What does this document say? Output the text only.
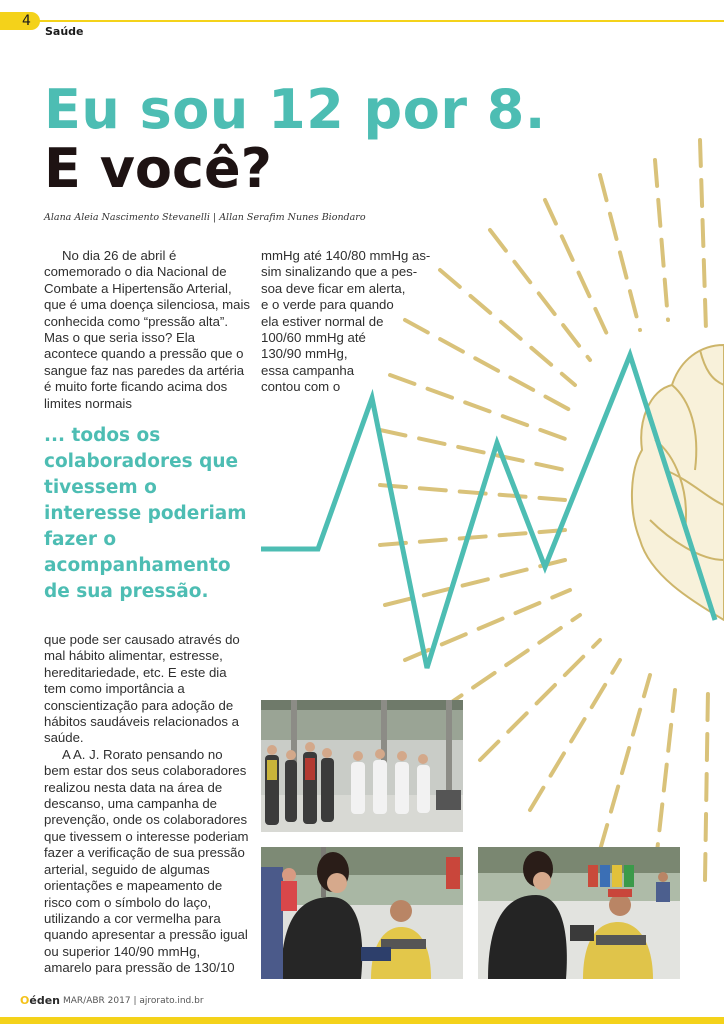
4
Saúde
Eu sou 12 por 8.
E você?
Alana Aleia Nascimento Stevanelli | Allan Serafim Nunes Biondaro

No dia 26 de abril é comemorado o dia Nacional de Combate a Hipertensão Arterial, que é uma doença silenciosa, mais conhecida como “pressão alta”. Mas o que seria isso? Ela acontece quando a pressão que o sangue faz nas paredes da artéria é muito forte ficando acima dos limites normais

mmHg até 140/80 mmHg as-
sim sinalizando que a pes-
soa deve ficar em alerta,
e o verde para quando
ela estiver normal de
100/60 mmHg até
130/90 mmHg,
essa campanha
contou com o
... todos os colaboradores que tivessem o interesse poderiam fazer o acompanhamento de sua pressão.

que pode ser causado através do mal hábito alimentar, estresse, hereditariedade, etc. E este dia tem como importância a conscientização para adoção de hábitos saudáveis relacionados a saúde.

A A. J. Rorato pensando no bem estar dos seus colaboradores realizou nesta data na área de descanso, uma campanha de prevenção, onde os colaboradores que tivessem o interesse poderiam fazer a verificação de sua pressão arterial, seguido de algumas orientações e mapeamento de risco com o símbolo do laço, utilizando a cor vermelha para quando apresentar a pressão igual ou superior 140/90 mmHg, amarelo para pressão de 130/10

Oéden MAR/ABR 2017 | ajrorato.ind.br
